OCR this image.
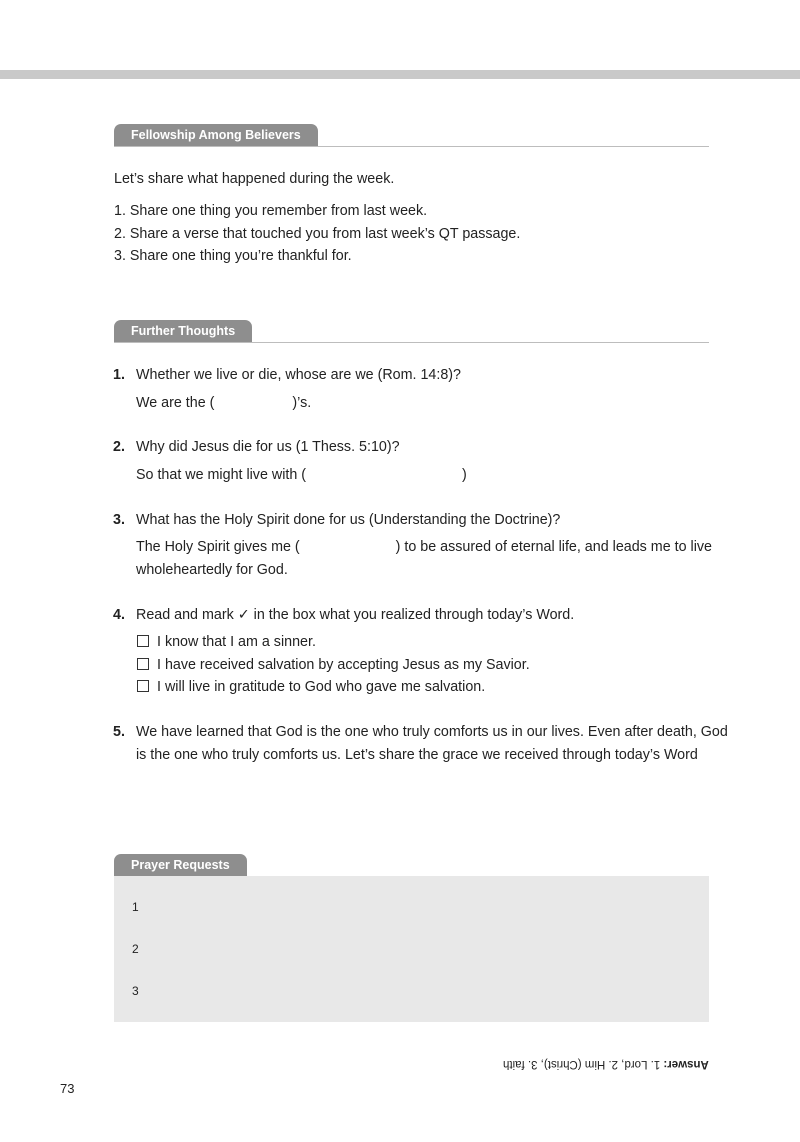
Fellowship Among Believers
Let’s share what happened during the week.
1. Share one thing you remember from last week.
2. Share a verse that touched you from last week’s QT passage.
3. Share one thing you’re thankful for.
Further Thoughts
1. Whether we live or die, whose are we (Rom. 14:8)?
We are the (	)’s.
2. Why did Jesus die for us (1 Thess. 5:10)?
So that we might live with (	)
3. What has the Holy Spirit done for us (Understanding the Doctrine)?
The Holy Spirit gives me (	) to be assured of eternal life, and leads me to live
wholeheartedly for God.
4. Read and mark ✓ in the box what you realized through today’s Word.
I know that I am a sinner.
I have received salvation by accepting Jesus as my Savior.
I will live in gratitude to God who gave me salvation.
5. We have learned that God is the one who truly comforts us in our lives. Even after death, God
is the one who truly comforts us. Let’s share the grace we received through today’s Word
Prayer Requests
1
2
3
Answer: 1. Lord, 2. Him (Christ), 3. faith
73
